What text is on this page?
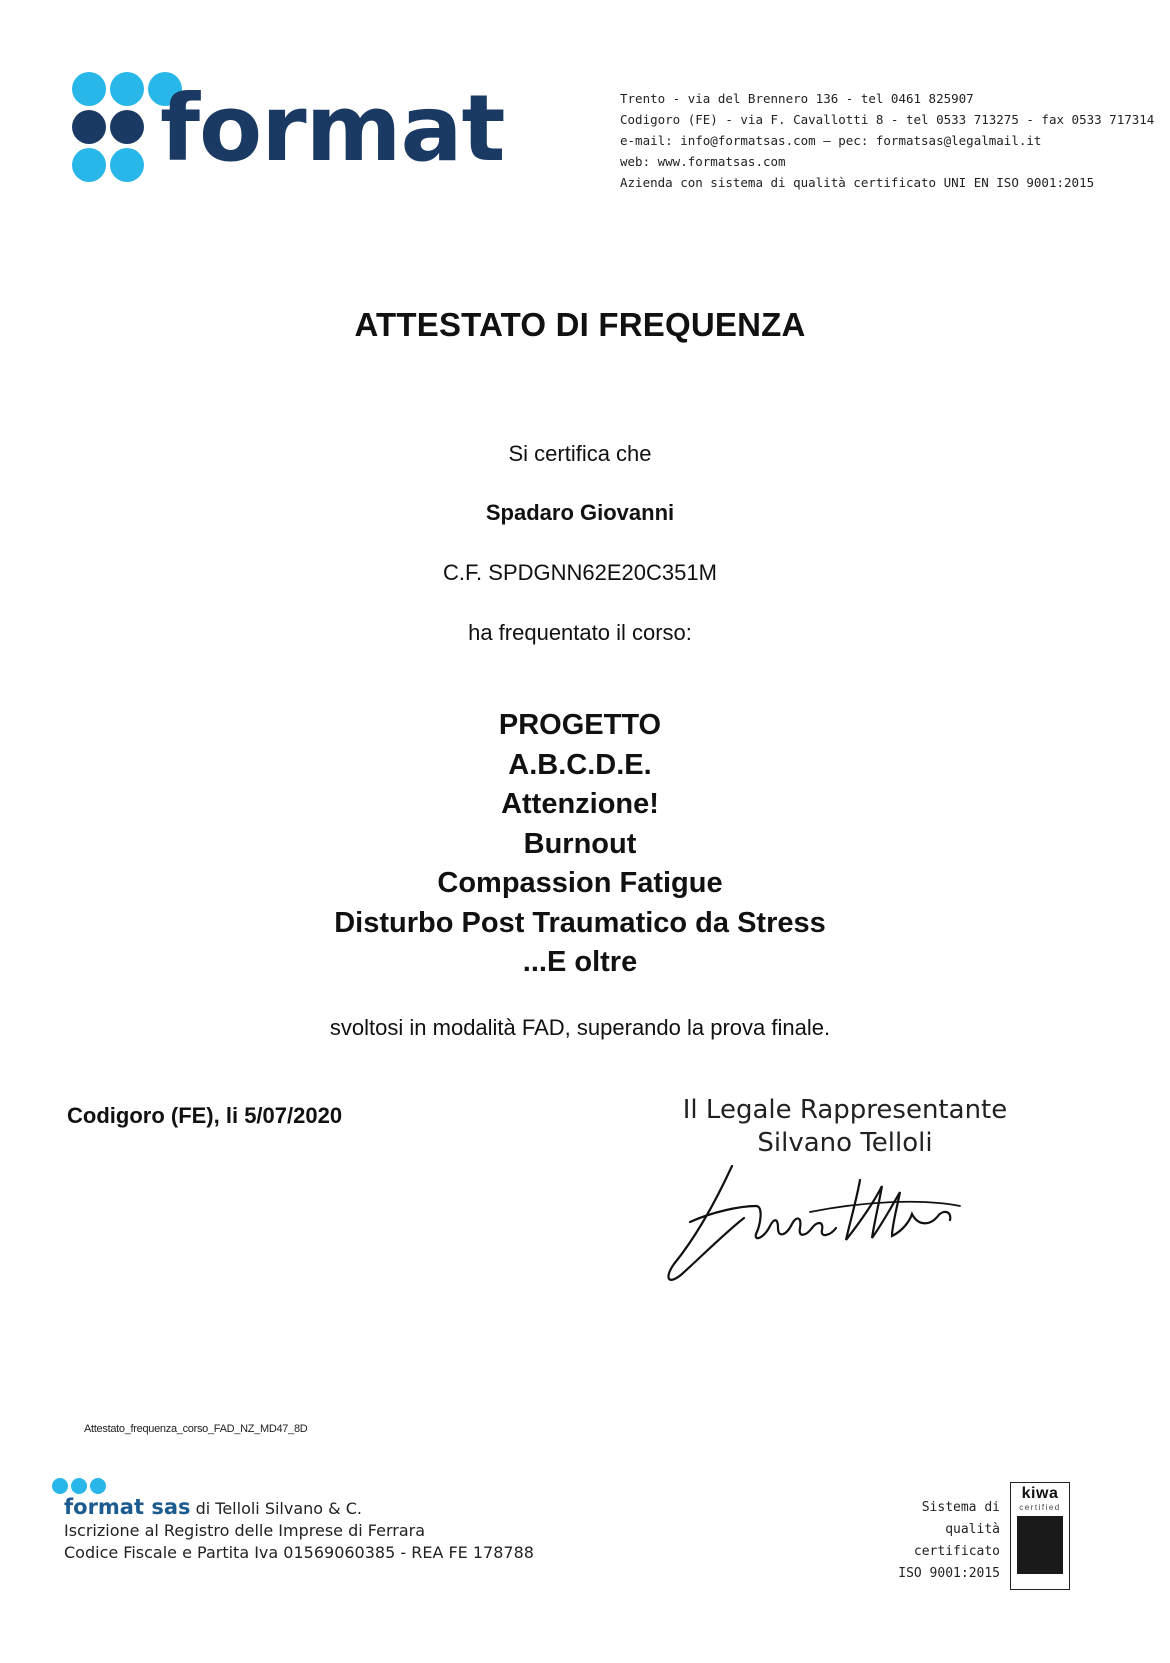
format	Trento - via del Brennero 136 - tel 0461 825907
Codigoro (FE) - via F. Cavallotti 8 - tel 0533 713275 - fax 0533 717314
e-mail: info@formatsas.com – pec: formatsas@legalmail.it
web: www.formatsas.com
Azienda con sistema di qualità certificato UNI EN ISO 9001:2015
ATTESTATO DI FREQUENZA
Si certifica che
Spadaro Giovanni
C.F. SPDGNN62E20C351M
ha frequentato il corso:
PROGETTO
A.B.C.D.E.
Attenzione!
Burnout
Compassion Fatigue
Disturbo Post Traumatico da Stress
...E oltre
svoltosi in modalità FAD, superando la prova finale.
Codigoro (FE), li 5/07/2020	Il Legale Rappresentante
Silvano Telloli
Attestato_frequenza_corso_FAD_NZ_MD47_8D
format sas di Telloli Silvano & C.
Iscrizione al Registro delle Imprese di Ferrara
Codice Fiscale e Partita Iva 01569060385 - REA FE 178788
Sistema di qualità
certificato
ISO 9001:2015
kiwa
certified
